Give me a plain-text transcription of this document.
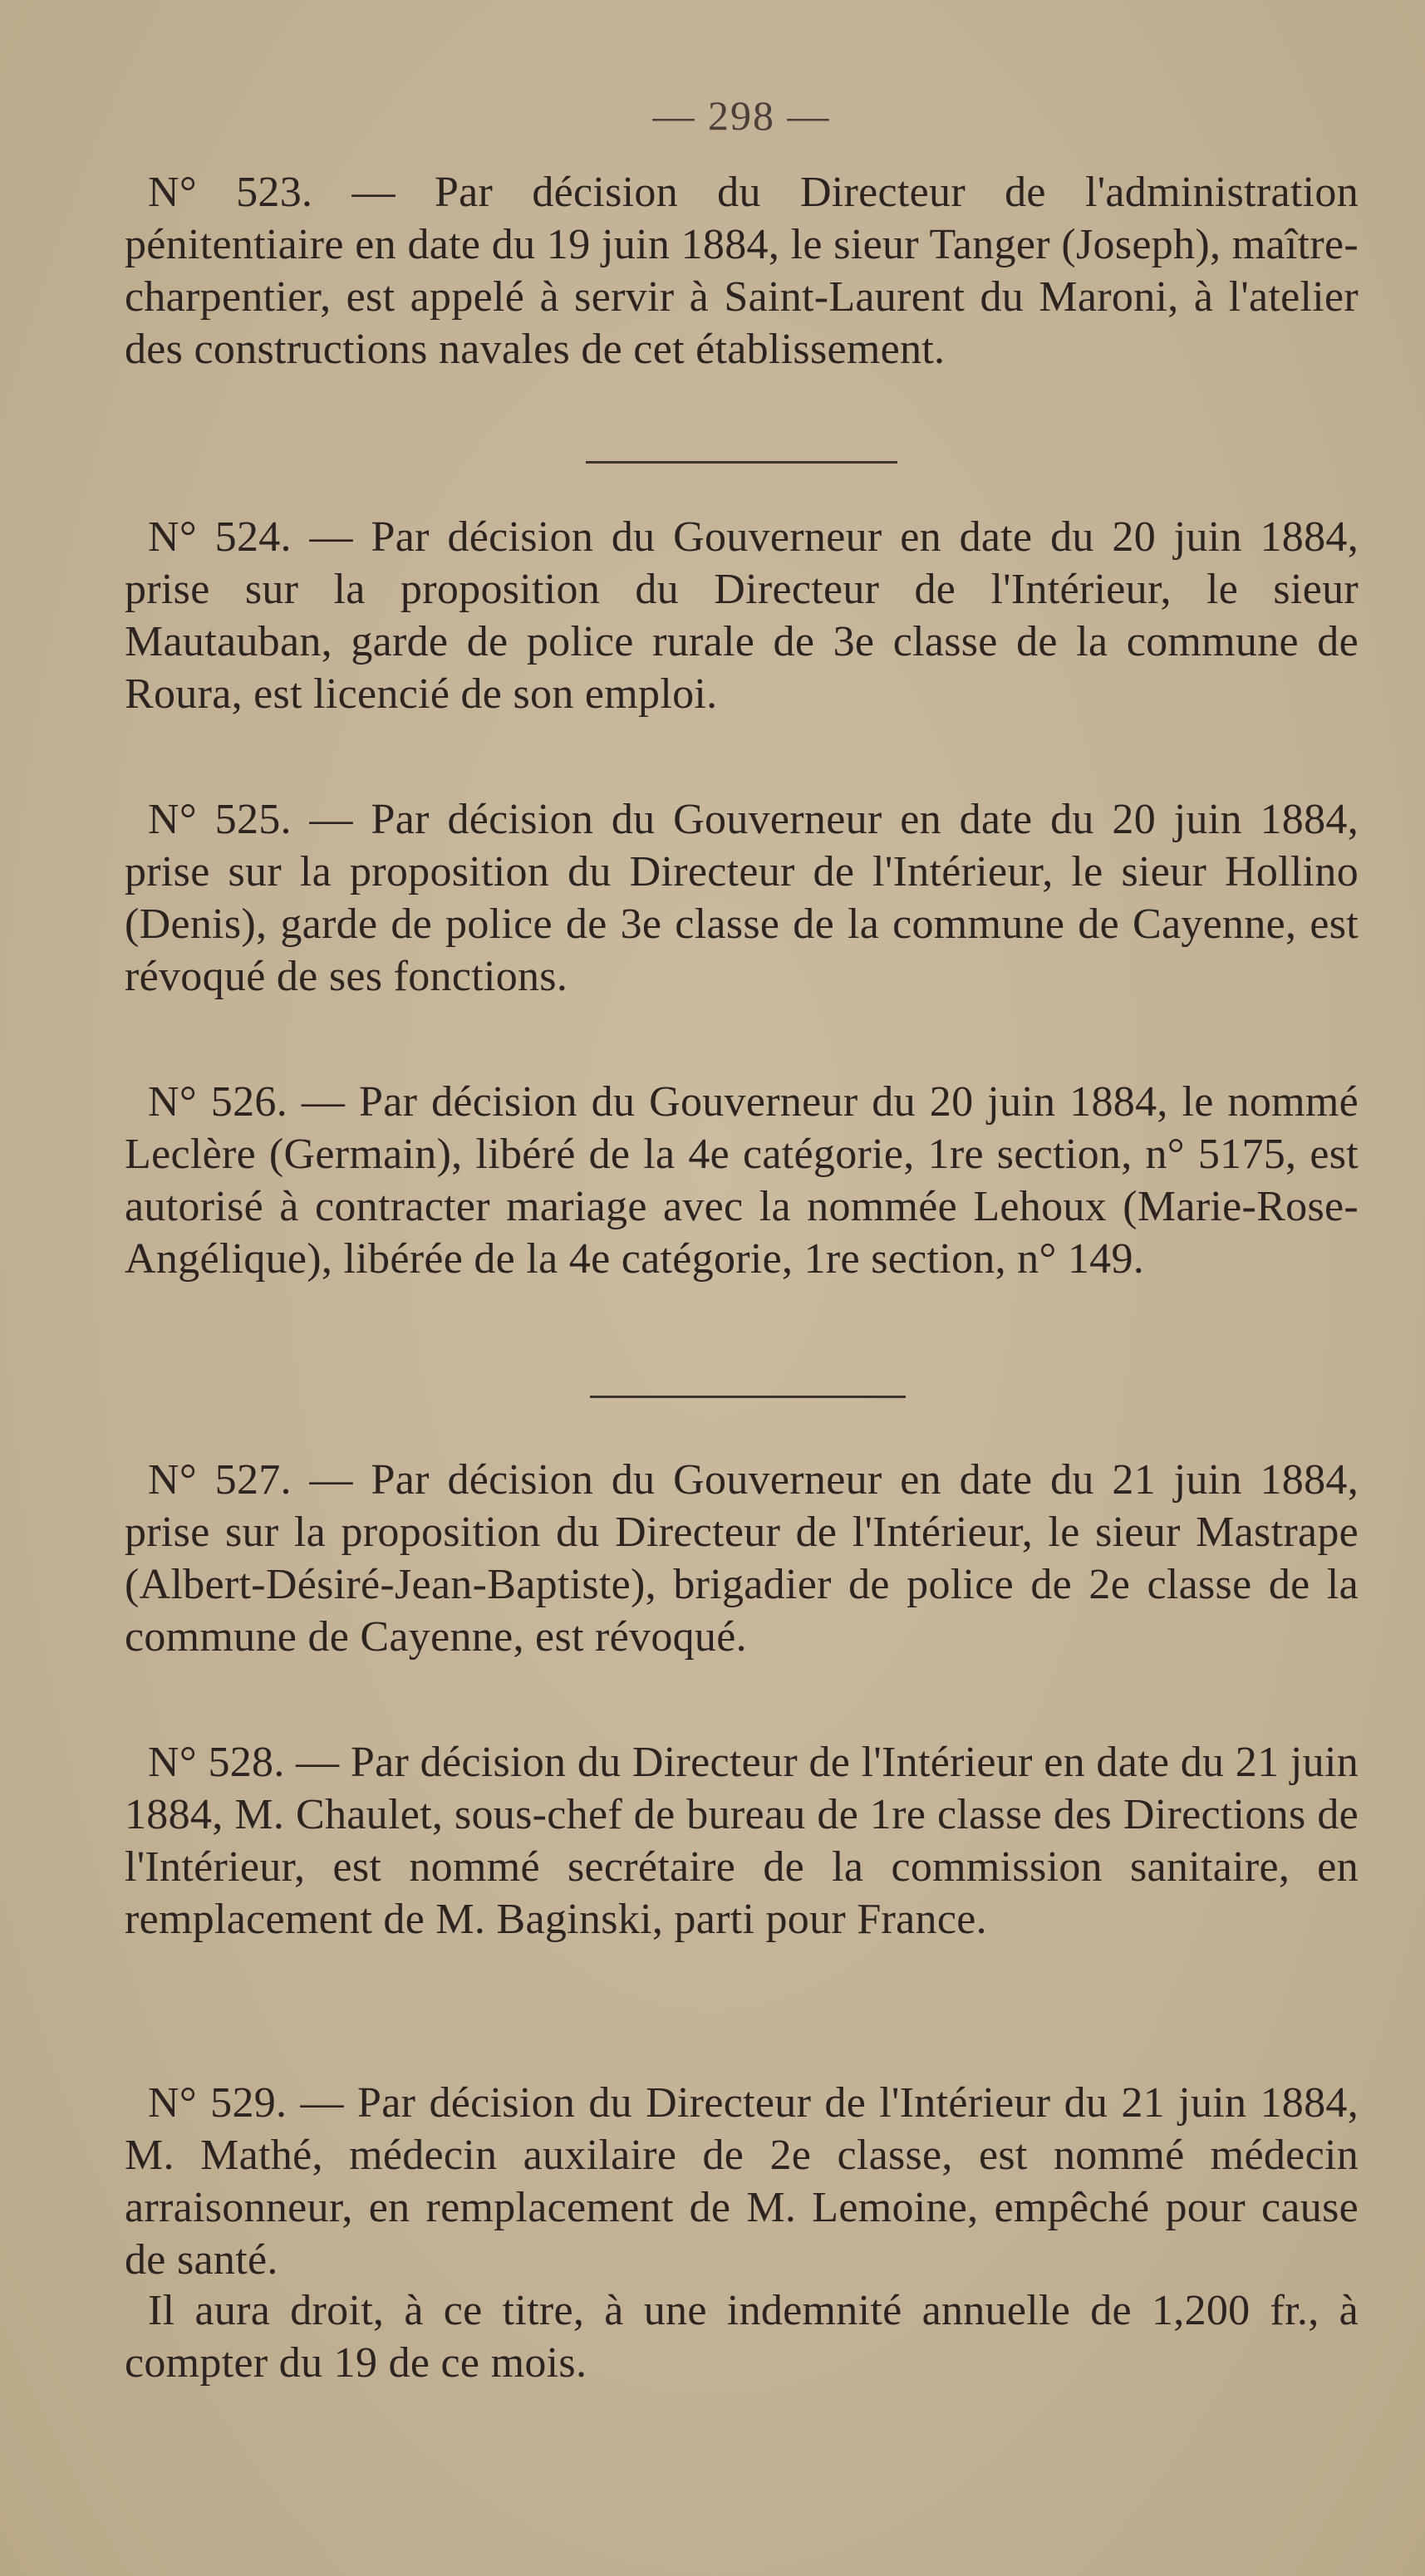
— 298 —

N° 523. — Par décision du Directeur de l'administration pénitentiaire en date du 19 juin 1884, le sieur Tanger (Joseph), maître-charpentier, est appelé à servir à Saint-Laurent du Maroni, à l'atelier des constructions navales de cet établissement.

N° 524. — Par décision du Gouverneur en date du 20 juin 1884, prise sur la proposition du Directeur de l'Intérieur, le sieur Mautauban, garde de police rurale de 3e classe de la commune de Roura, est licencié de son emploi.

N° 525. — Par décision du Gouverneur en date du 20 juin 1884, prise sur la proposition du Directeur de l'Intérieur, le sieur Hollino (Denis), garde de police de 3e classe de la commune de Cayenne, est révoqué de ses fonctions.

N° 526. — Par décision du Gouverneur du 20 juin 1884, le nommé Leclère (Germain), libéré de la 4e catégorie, 1re section, n° 5175, est autorisé à contracter mariage avec la nommée Lehoux (Marie-Rose-Angélique), libérée de la 4e catégorie, 1re section, n° 149.

N° 527. — Par décision du Gouverneur en date du 21 juin 1884, prise sur la proposition du Directeur de l'Intérieur, le sieur Mastrape (Albert-Désiré-Jean-Baptiste), brigadier de police de 2e classe de la commune de Cayenne, est révoqué.

N° 528. — Par décision du Directeur de l'Intérieur en date du 21 juin 1884, M. Chaulet, sous-chef de bureau de 1re classe des Directions de l'Intérieur, est nommé secrétaire de la commission sanitaire, en remplacement de M. Baginski, parti pour France.

N° 529. — Par décision du Directeur de l'Intérieur du 21 juin 1884, M. Mathé, médecin auxilaire de 2e classe, est nommé médecin arraisonneur, en remplacement de M. Lemoine, empêché pour cause de santé.

Il aura droit, à ce titre, à une indemnité annuelle de 1,200 fr., à compter du 19 de ce mois.
